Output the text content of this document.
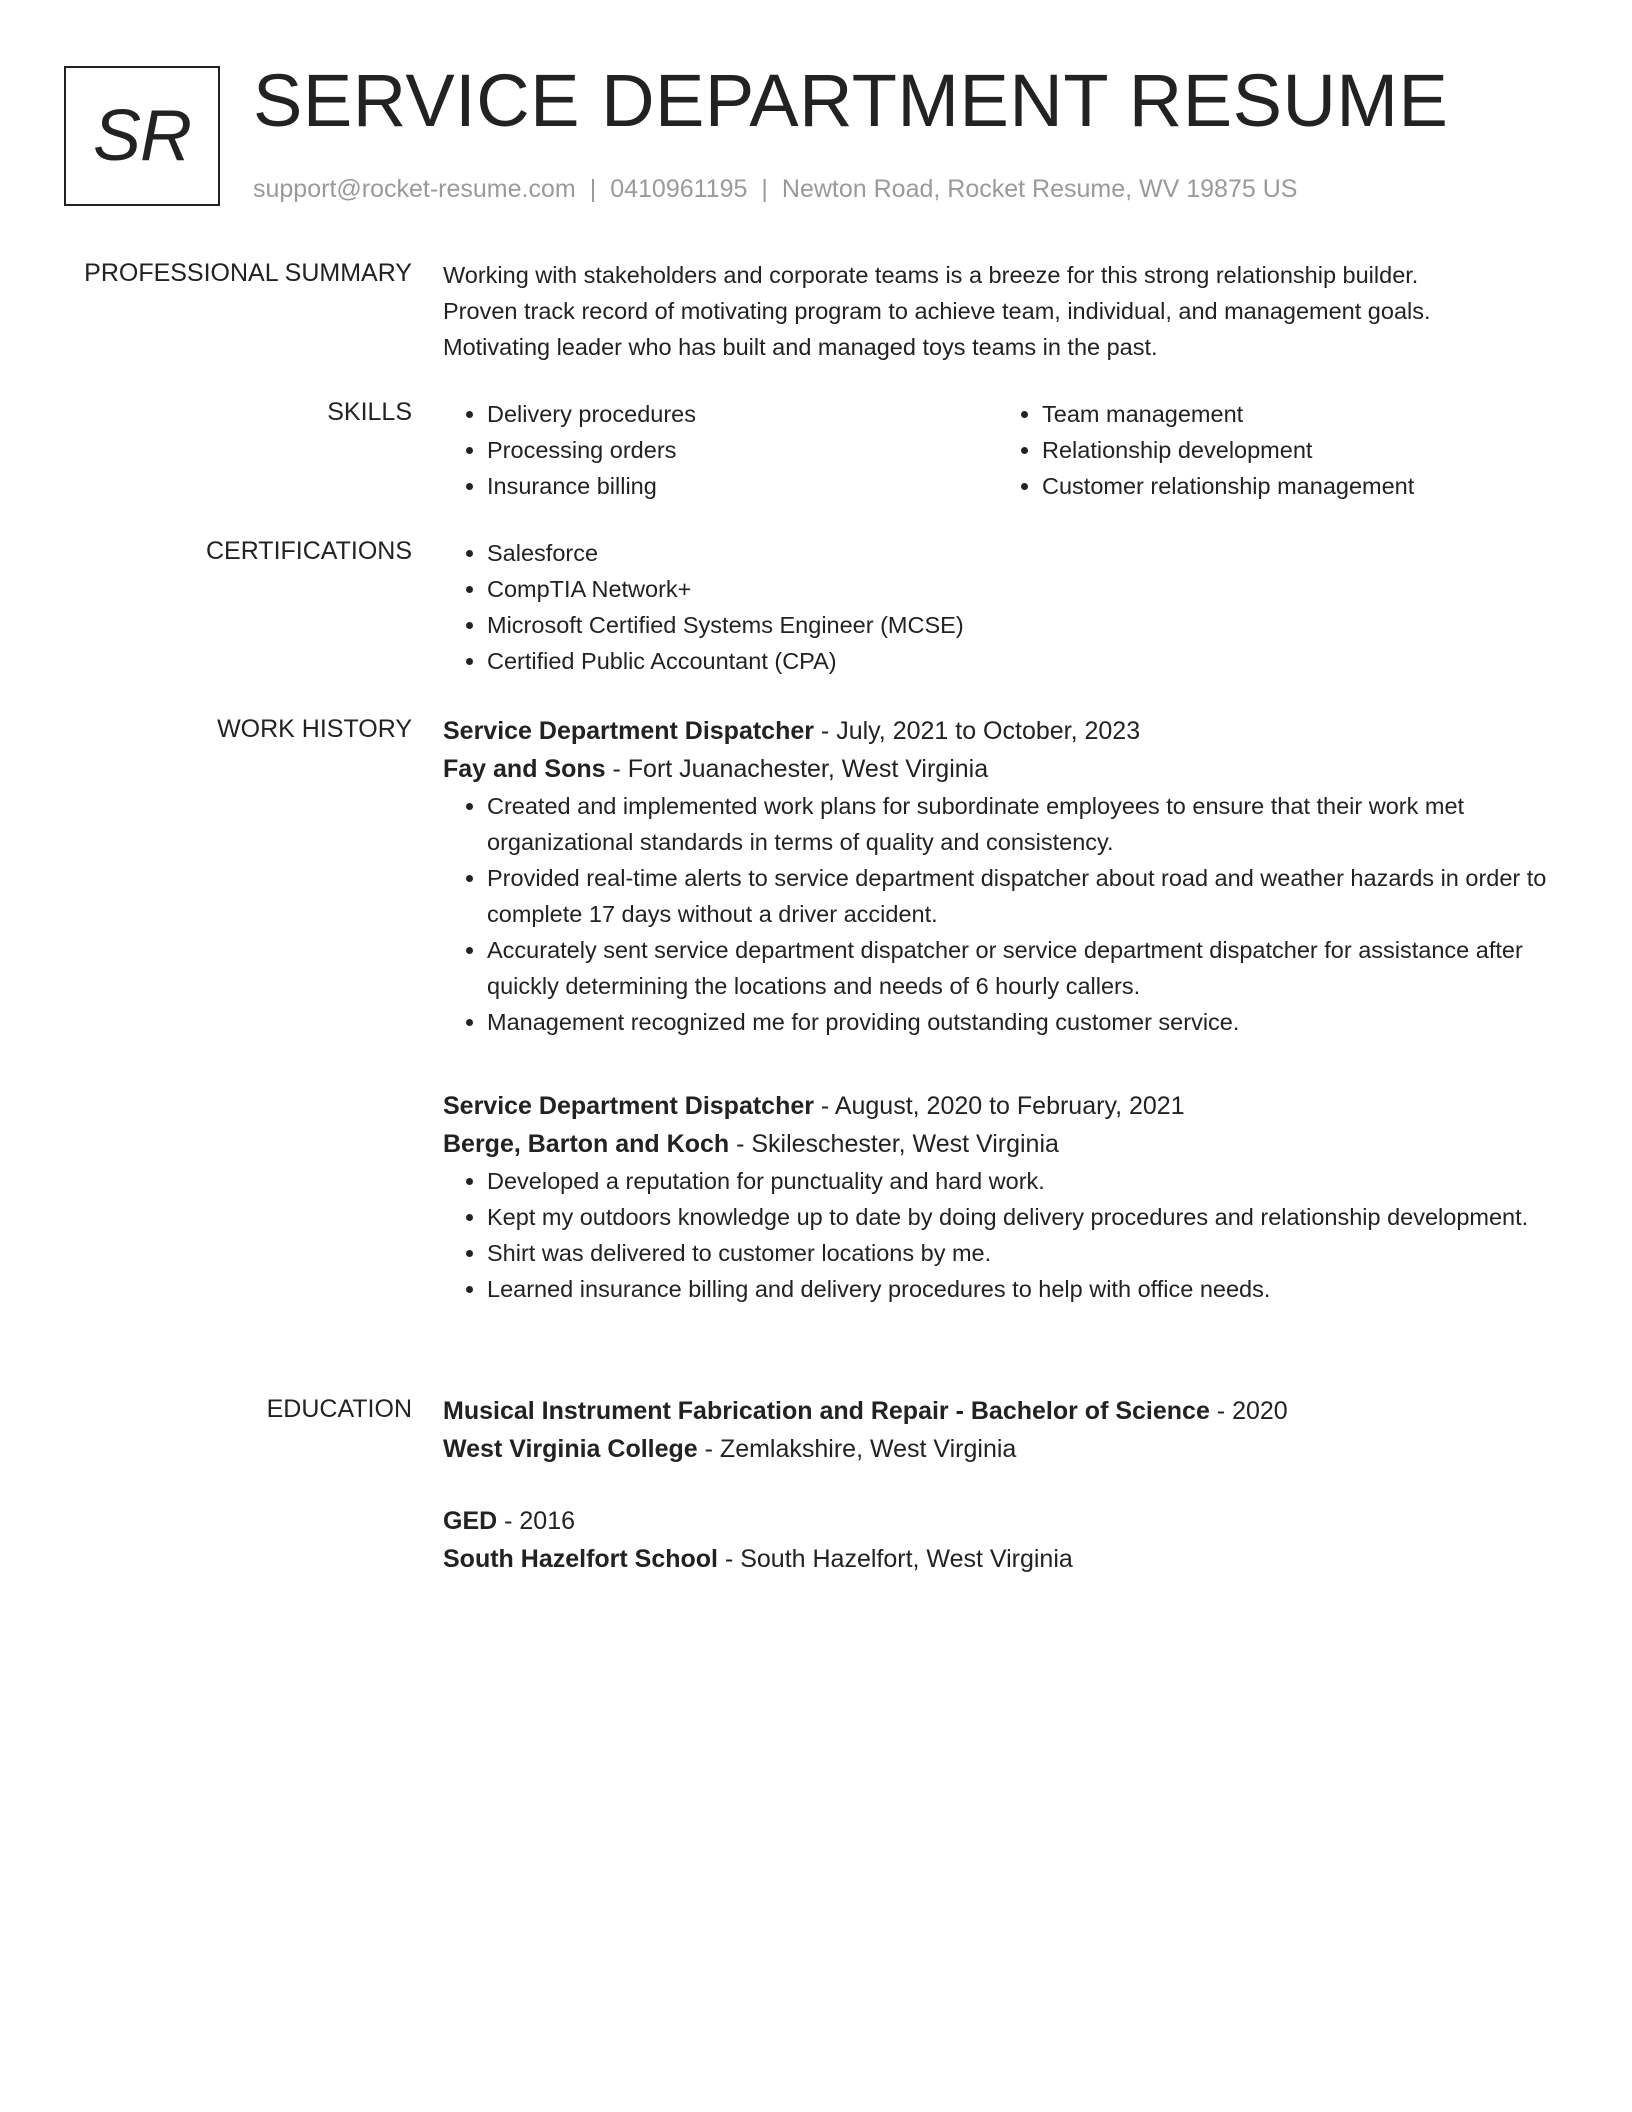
SR SERVICE DEPARTMENT RESUME
support@rocket-resume.com | 0410961195 | Newton Road, Rocket Resume, WV 19875 US
PROFESSIONAL SUMMARY Working with stakeholders and corporate teams is a breeze for this strong relationship builder.
Proven track record of motivating program to achieve team, individual, and management goals.
Motivating leader who has built and managed toys teams in the past.
SKILLS	• Delivery procedures
• Processing orders
• Insurance billing
• Team management
• Relationship development
• Customer relationship management
CERTIFICATIONS	• Salesforce
• CompTIA Network+
• Microsoft Certified Systems Engineer (MCSE)
• Certified Public Accountant (CPA)
WORK HISTORY Service Department Dispatcher - July, 2021 to October, 2023
Fay and Sons - Fort Juanachester, West Virginia
• Created and implemented work plans for subordinate employees to ensure that their work met organizational standards in terms of quality and consistency.
• Provided real-time alerts to service department dispatcher about road and weather hazards in order to complete 17 days without a driver accident.
• Accurately sent service department dispatcher or service department dispatcher for assistance after quickly determining the locations and needs of 6 hourly callers.
• Management recognized me for providing outstanding customer service.
Service Department Dispatcher - August, 2020 to February, 2021
Berge, Barton and Koch - Skileschester, West Virginia
• Developed a reputation for punctuality and hard work.
• Kept my outdoors knowledge up to date by doing delivery procedures and relationship development.
• Shirt was delivered to customer locations by me.
• Learned insurance billing and delivery procedures to help with office needs.
EDUCATION Musical Instrument Fabrication and Repair - Bachelor of Science - 2020
West Virginia College - Zemlakshire, West Virginia
GED - 2016
South Hazelfort School - South Hazelfort, West Virginia
